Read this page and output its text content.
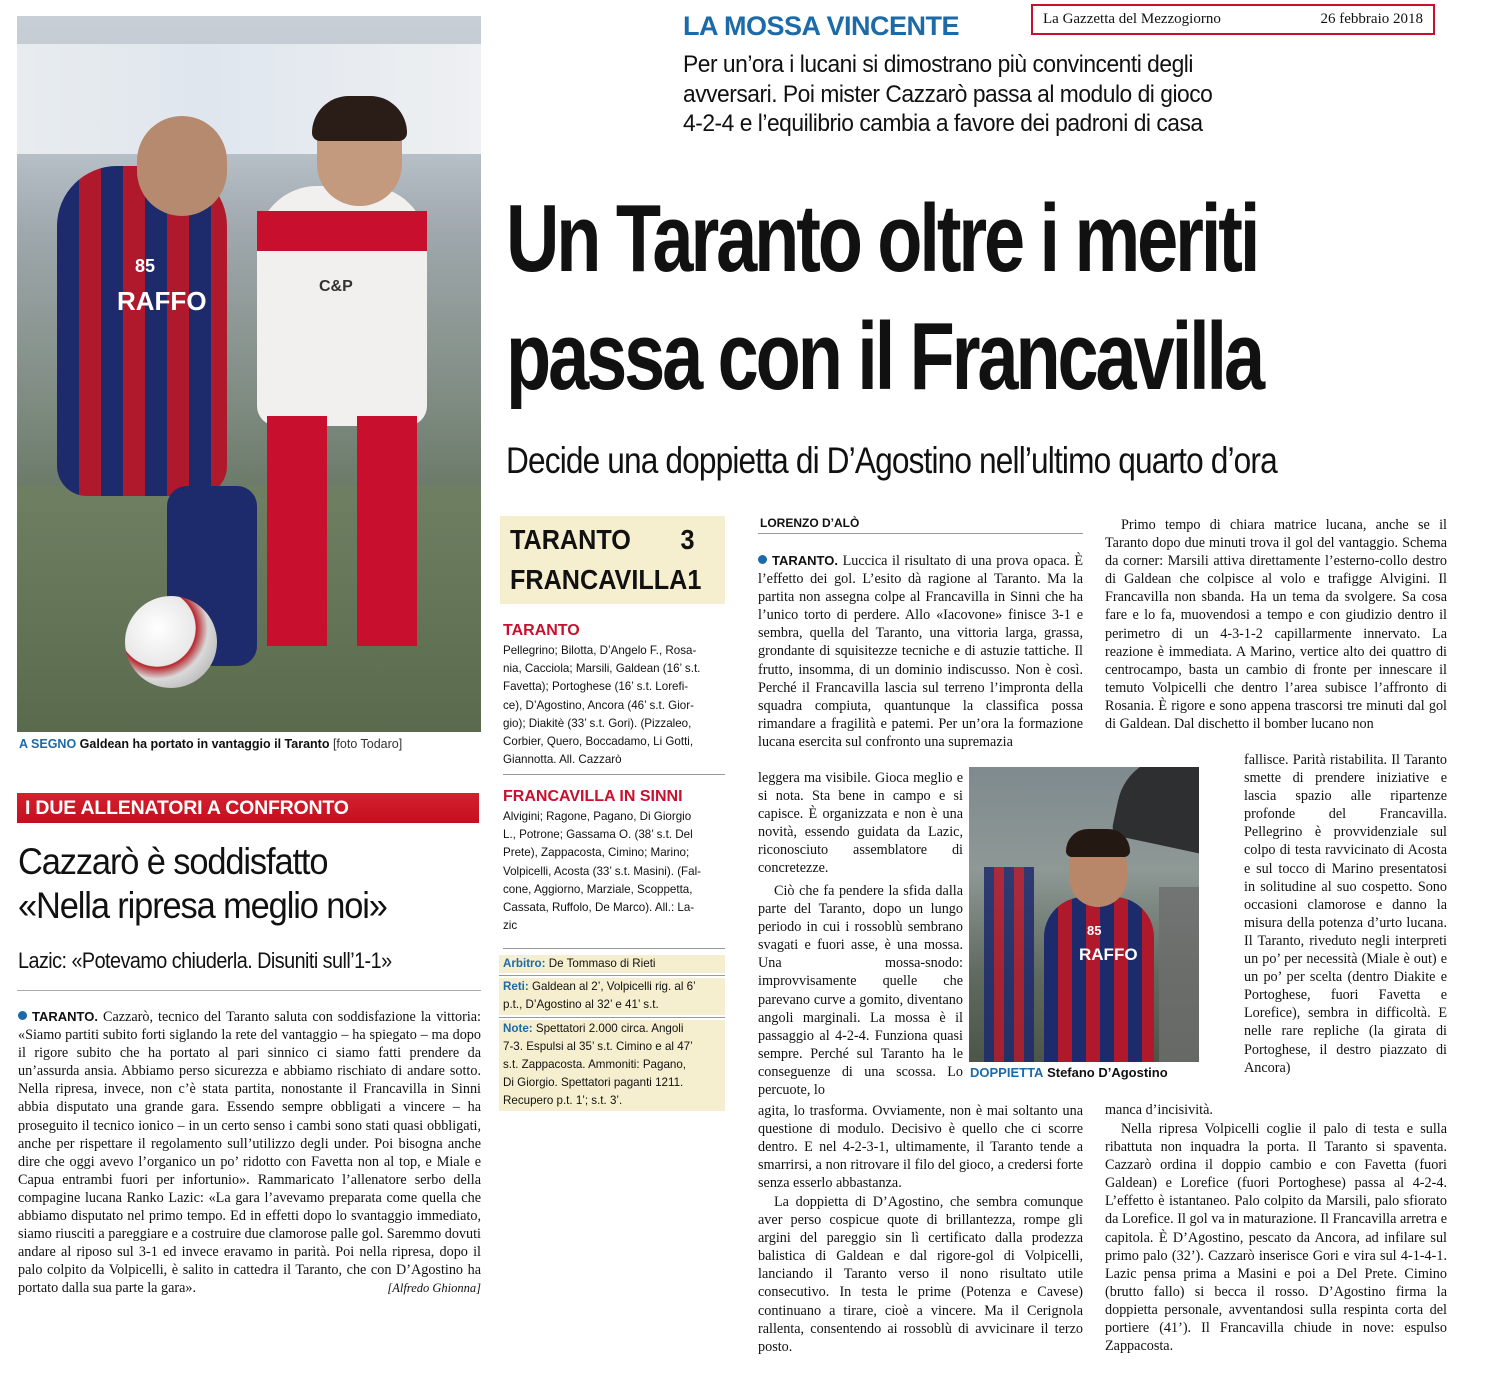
La Gazzetta del Mezzogiorno	26 febbraio 2018
RAFFO
85
C&P
A SEGNO Galdean ha portato in vantaggio il Taranto [foto Todaro]
I DUE ALLENATORI A CONFRONTO
Cazzarò è soddisfatto
«Nella ripresa meglio noi»
Lazic: «Potevamo chiuderla. Disuniti sull’1-1»
TARANTO. Cazzarò, tecnico del Taranto saluta con soddisfazione la vittoria: «Siamo partiti subito forti siglando la rete del vantaggio – ha spiegato – ma dopo il rigore subito che ha portato al pari sinnico ci siamo fatti prendere da un’assurda ansia. Abbiamo perso sicurezza e abbiamo rischiato di andare sotto. Nella ripresa, invece, non c’è stata partita, nonostante il Francavilla in Sinni abbia disputato una grande gara. Essendo sempre obbligati a vincere – ha proseguito il tecnico ionico – in un certo senso i cambi sono stati quasi obbligati, anche per rispettare il regolamento sull’utilizzo degli under. Poi bisogna anche dire che oggi avevo l’organico un po’ ridotto con Favetta non al top, e Miale e Capua entrambi fuori per infortunio». Rammaricato l’allenatore serbo della compagine lucana Ranko Lazic: «La gara l’avevamo preparata come quella che abbiamo disputato nel primo tempo. Ed in effetti dopo lo svantaggio immediato, siamo riusciti a pareggiare e a costruire due clamorose palle gol. Saremmo dovuti andare al riposo sul 3-1 ed invece eravamo in parità. Poi nella ripresa, dopo il palo colpito da Volpicelli, è salito in cattedra il Taranto, che con D’Agostino ha portato dalla sua parte la gara».	[Alfredo Ghionna]
LA MOSSA VINCENTE
Per un’ora i lucani si dimostrano più convincenti degli
avversari. Poi mister Cazzarò passa al modulo di gioco
4-2-4 e l’equilibrio cambia a favore dei padroni di casa
Un Taranto oltre i meriti
passa con il Francavilla
Decide una doppietta di D’Agostino nell’ultimo quarto d’ora
TARANTO 3
FRANCAVILLA 1
TARANTO
Pellegrino; Bilotta, D’Angelo F., Rosa-
nia, Cacciola; Marsili, Galdean (16’ s.t.
Favetta); Portoghese (16’ s.t. Lorefi-
ce), D’Agostino, Ancora (46’ s.t. Gior-
gio); Diakitè (33’ s.t. Gori). (Pizzaleo,
Corbier, Quero, Boccadamo, Li Gotti,
Giannotta. All. Cazzarò
FRANCAVILLA IN SINNI
Alvigini; Ragone, Pagano, Di Giorgio
L., Potrone; Gassama O. (38’ s.t. Del
Prete), Zappacosta, Cimino; Marino;
Volpicelli, Acosta (33’ s.t. Masini). (Fal-
cone, Aggiorno, Marziale, Scoppetta,
Cassata, Ruffolo, De Marco). All.: La-
zic
Arbitro: De Tommaso di Rieti
Reti: Galdean al 2’, Volpicelli rig. al 6’
p.t., D’Agostino al 32’ e 41’ s.t.
Note: Spettatori 2.000 circa. Angoli
7-3. Espulsi al 35’ s.t. Cimino e al 47’
s.t. Zappacosta. Ammoniti: Pagano,
Di Giorgio. Spettatori paganti 1211.
Recupero p.t. 1’; s.t. 3’.
LORENZO D’ALÒ
TARANTO. Luccica il risultato di una prova opaca. È l’effetto dei gol. L’esito dà ragione al Taranto. Ma la partita non assegna colpe al Francavilla in Sinni che ha l’unico torto di perdere. Allo «Iacovone» finisce 3-1 e sembra, quella del Taranto, una vittoria larga, grassa, grondante di squisitezze tecniche e di astuzie tattiche. Il frutto, insomma, di un dominio indiscusso. Non è così. Perché il Francavilla lascia sul terreno l’impronta della squadra compiuta, quantunque la classifica possa rimandare a fragilità e patemi. Per un’ora la formazione lucana esercita sul confronto una supremazia
leggera ma visibile. Gioca meglio e si nota. Sta bene in campo e si capisce. È organizzata e non è una novità, essendo guidata da Lazic, riconosciuto assemblatore di concretezze.
Ciò che fa pendere la sfida dalla parte del Taranto, dopo un lungo periodo in cui i rossoblù sembrano svagati e fuori asse, è una mossa. Una mossa-snodo: improvvisamente quelle che parevano curve a gomito, diventano angoli marginali. La mossa è il passaggio al 4-2-4. Funziona quasi sempre. Perché sul Taranto ha le conseguenze di una scossa. Lo percuote, lo
agita, lo trasforma. Ovviamente, non è mai soltanto una questione di modulo. Decisivo è quello che ci scorre dentro. E nel 4-2-3-1, ultimamente, il Taranto tende a smarrirsi, a non ritrovare il filo del gioco, a credersi forte senza esserlo abbastanza.
La doppietta di D’Agostino, che sembra comunque aver perso cospicue quote di brillantezza, rompe gli argini del pareggio sin lì certificato dalla prodezza balistica di Galdean e dal rigore-gol di Volpicelli, lanciando il Taranto verso il nono risultato utile consecutivo. In testa le prime (Potenza e Cavese) continuano a tirare, cioè a vincere. Ma il Cerignola rallenta, consentendo ai rossoblù di avvicinare il terzo posto.
RAFFO
85
DOPPIETTA Stefano D’Agostino
Primo tempo di chiara matrice lucana, anche se il Taranto dopo due minuti trova il gol del vantaggio. Schema da corner: Marsili attiva direttamente l’esterno-collo destro di Galdean che colpisce al volo e trafigge Alvigini. Il Francavilla non sbanda. Ha un tema da svolgere. Sa cosa fare e lo fa, muovendosi a tempo e con giudizio dentro il perimetro di un 4-3-1-2 capillarmente innervato. La reazione è immediata. A Marino, vertice alto dei quattro di centrocampo, basta un cambio di fronte per innescare il temuto Volpicelli che dentro l’area subisce l’affronto di Rosania. È rigore e sono appena trascorsi tre minuti dal gol di Galdean. Dal dischetto il bomber lucano non
fallisce. Parità ristabilita. Il Taranto smette di prendere iniziative e lascia spazio alle ripartenze profonde del Francavilla. Pellegrino è provvidenziale sul colpo di testa ravvicinato di Acosta e sul tocco di Marino presentatosi in solitudine al suo cospetto. Sono occasioni clamorose e danno la misura della potenza d’urto lucana. Il Taranto, riveduto negli interpreti un po’ per necessità (Miale è out) e un po’ per scelta (dentro Diakite e Portoghese, fuori Favetta e Lorefice), sembra in difficoltà. E nelle rare repliche (la girata di Portoghese, il destro piazzato di Ancora)
manca d’incisività.
Nella ripresa Volpicelli coglie il palo di testa e sulla ribattuta non inquadra la porta. Il Taranto si spaventa. Cazzarò ordina il doppio cambio e con Favetta (fuori Galdean) e Lorefice (fuori Portoghese) passa al 4-2-4. L’effetto è istantaneo. Palo colpito da Marsili, palo sfiorato da Lorefice. Il gol va in maturazione. Il Francavilla arretra e capitola. È D’Agostino, pescato da Ancora, ad infilare sul primo palo (32’). Cazzarò inserisce Gori e vira sul 4-1-4-1. Lazic pensa prima a Masini e poi a Del Prete. Cimino (brutto fallo) si becca il rosso. D’Agostino firma la doppietta personale, avventandosi sulla respinta corta del portiere (41’). Il Francavilla chiude in nove: espulso Zappacosta.
